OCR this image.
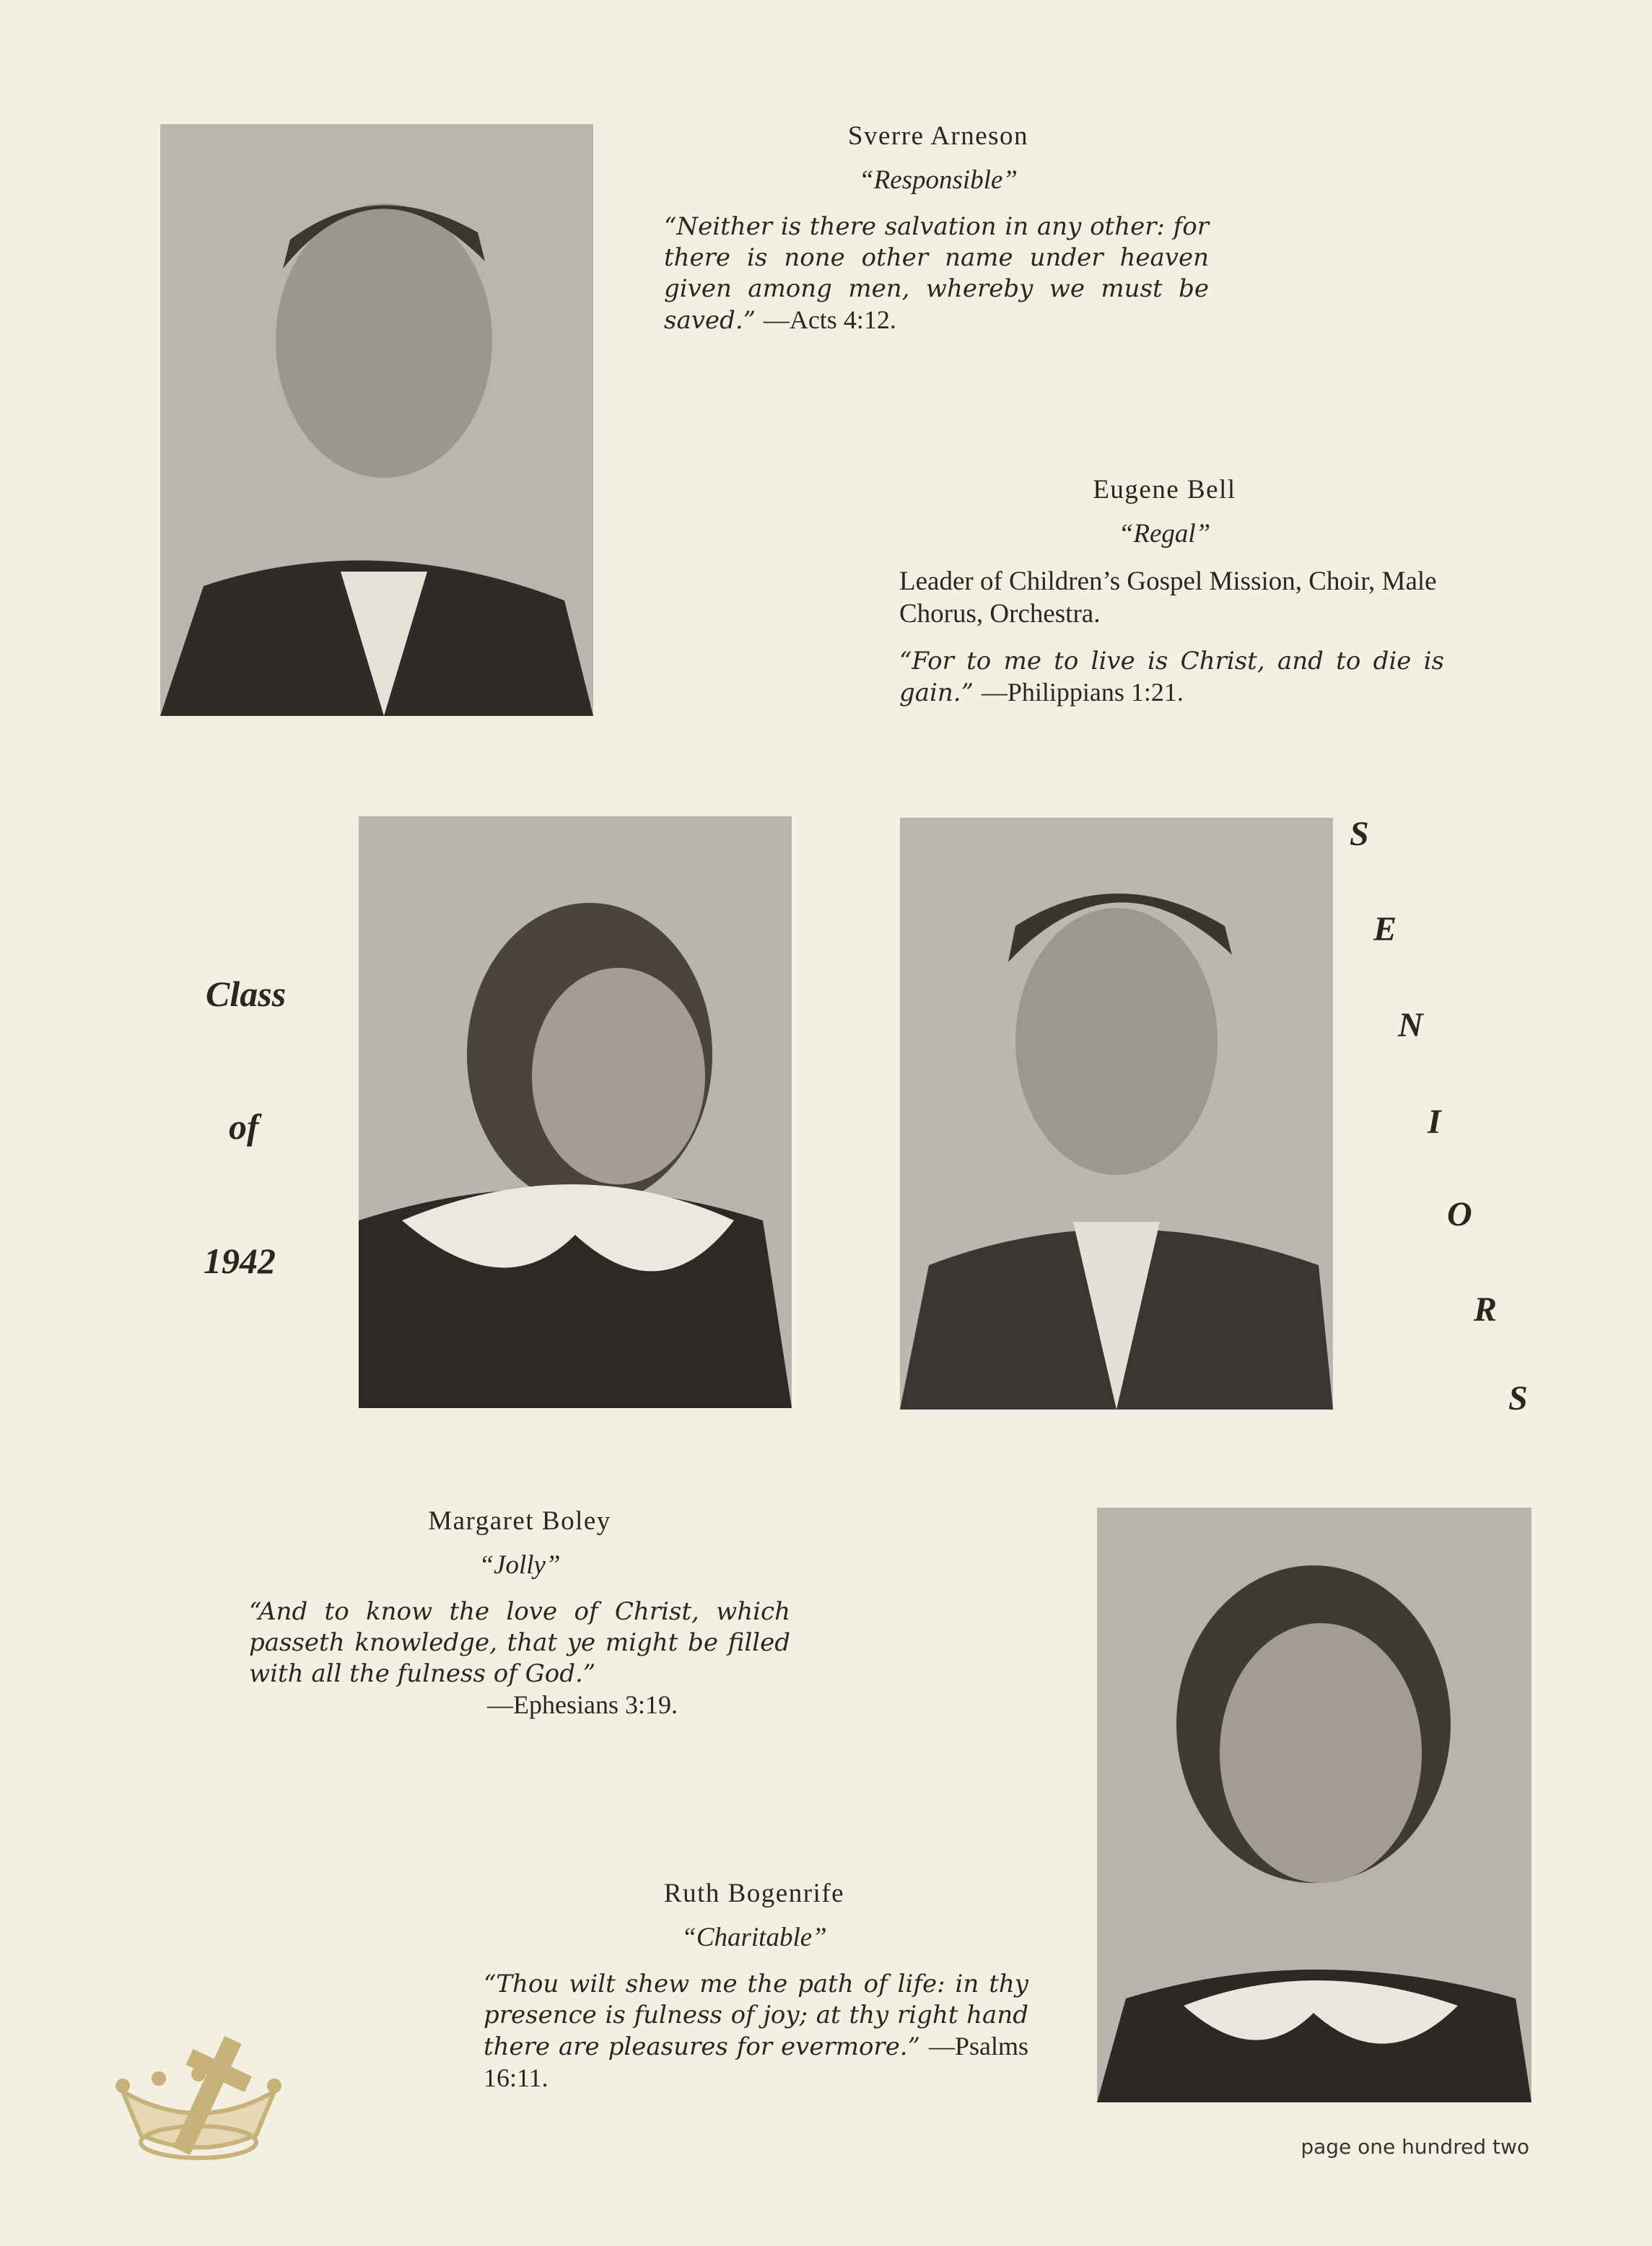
Sverre Arneson

“Responsible”

“Neither is there salvation in any other: for there is none other name under heaven given among men, whereby we must be saved.” —Acts 4:12.

Eugene Bell

“Regal”

Leader of Children’s Gospel Mission, Choir, Male Chorus, Orchestra.

“For to me to live is Christ, and to die is gain.” —Philippians 1:21.

Margaret Boley

“Jolly”

“And to know the love of Christ, which passeth knowledge, that ye might be filled with all the fulness of God.”

—Ephesians 3:19.

Ruth Bogenrife

“Charitable”

“Thou wilt shew me the path of life: in thy presence is fulness of joy; at thy right hand there are pleasures for evermore.” —Psalms 16:11.

Class
of
1942
S
E
N
I
O
R
S
page one hundred two
